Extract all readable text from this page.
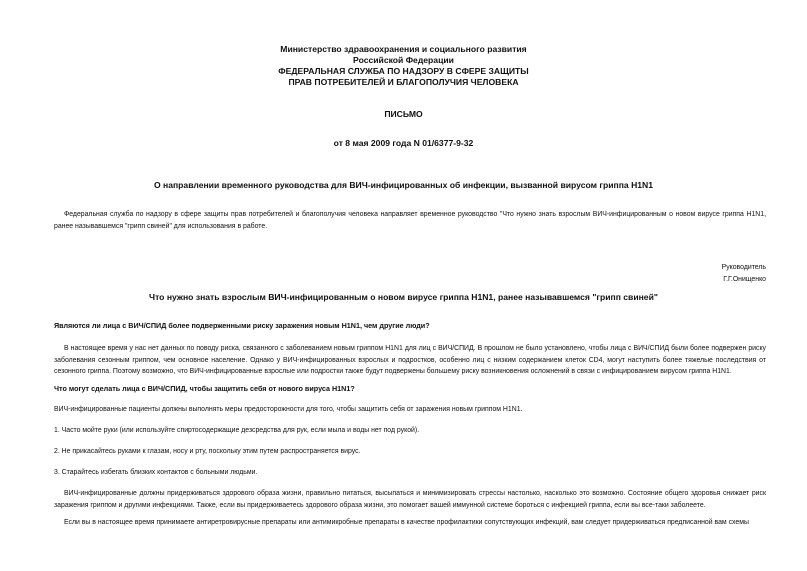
Министерство здравоохранения и социального развития
Российской Федерации
ФЕДЕРАЛЬНАЯ СЛУЖБА ПО НАДЗОРУ В СФЕРЕ ЗАЩИТЫ
ПРАВ ПОТРЕБИТЕЛЕЙ И БЛАГОПОЛУЧИЯ ЧЕЛОВЕКА
ПИСЬМО
от 8 мая 2009 года N 01/6377-9-32
О направлении временного руководства для ВИЧ-инфицированных об инфекции, вызванной вирусом гриппа H1N1
Федеральная служба по надзору в сфере защиты прав потребителей и благополучия человека направляет временное руководство "Что нужно знать взрослым ВИЧ-инфицированным о новом вирусе гриппа H1N1, ранее называвшемся "грипп свиней" для использования в работе.
Руководитель
Г.Г.Онищенко
Что нужно знать взрослым ВИЧ-инфицированным о новом вирусе гриппа H1N1, ранее называвшемся "грипп свиней"
Являются ли лица с ВИЧ/СПИД более подверженными риску заражения новым H1N1, чем другие люди?
В настоящее время у нас нет данных по поводу риска, связанного с заболеванием новым гриппом H1N1 для лиц с ВИЧ/СПИД. В прошлом не было установлено, чтобы лица с ВИЧ/СПИД были более подвержен риску заболевания сезонным гриппом, чем основное население. Однако у ВИЧ-инфицированных взрослых и подростков, особенно лиц с низким содержанием клеток CD4, могут наступить более тяжелые последствия от сезонного гриппа. Поэтому возможно, что ВИЧ-инфицированные взрослые или подростки также будут подвержены большему риску возникновения осложнений в связи с инфицированием вирусом гриппа H1N1.
Что могут сделать лица с ВИЧ/СПИД, чтобы защитить себя от нового вируса H1N1?
ВИЧ-инфицированные пациенты должны выполнять меры предосторожности для того, чтобы защитить себя от заражения новым гриппом H1N1.
1. Часто мойте руки (или используйте спиртосодержащие дезсредства для рук, если мыла и воды нет под рукой).
2. Не прикасайтесь руками к глазам, носу и рту, поскольку этим путем распространяется вирус.
3. Старайтесь избегать близких контактов с больными людьми.
ВИЧ-инфицированные должны придерживаться здорового образа жизни, правильно питаться, высыпаться и минимизировать стрессы настолько, насколько это возможно. Состояние общего здоровья снижает риск заражения гриппом и другими инфекциями. Также, если вы придерживаетесь здорового образа жизни, это помогает вашей иммунной системе бороться с инфекцией гриппа, если вы все-таки заболеете.
Если вы в настоящее время принимаете антиретровирусные препараты или антимикробные препараты в качестве профилактики сопутствующих инфекций, вам следует придерживаться предписанной вам схемы
